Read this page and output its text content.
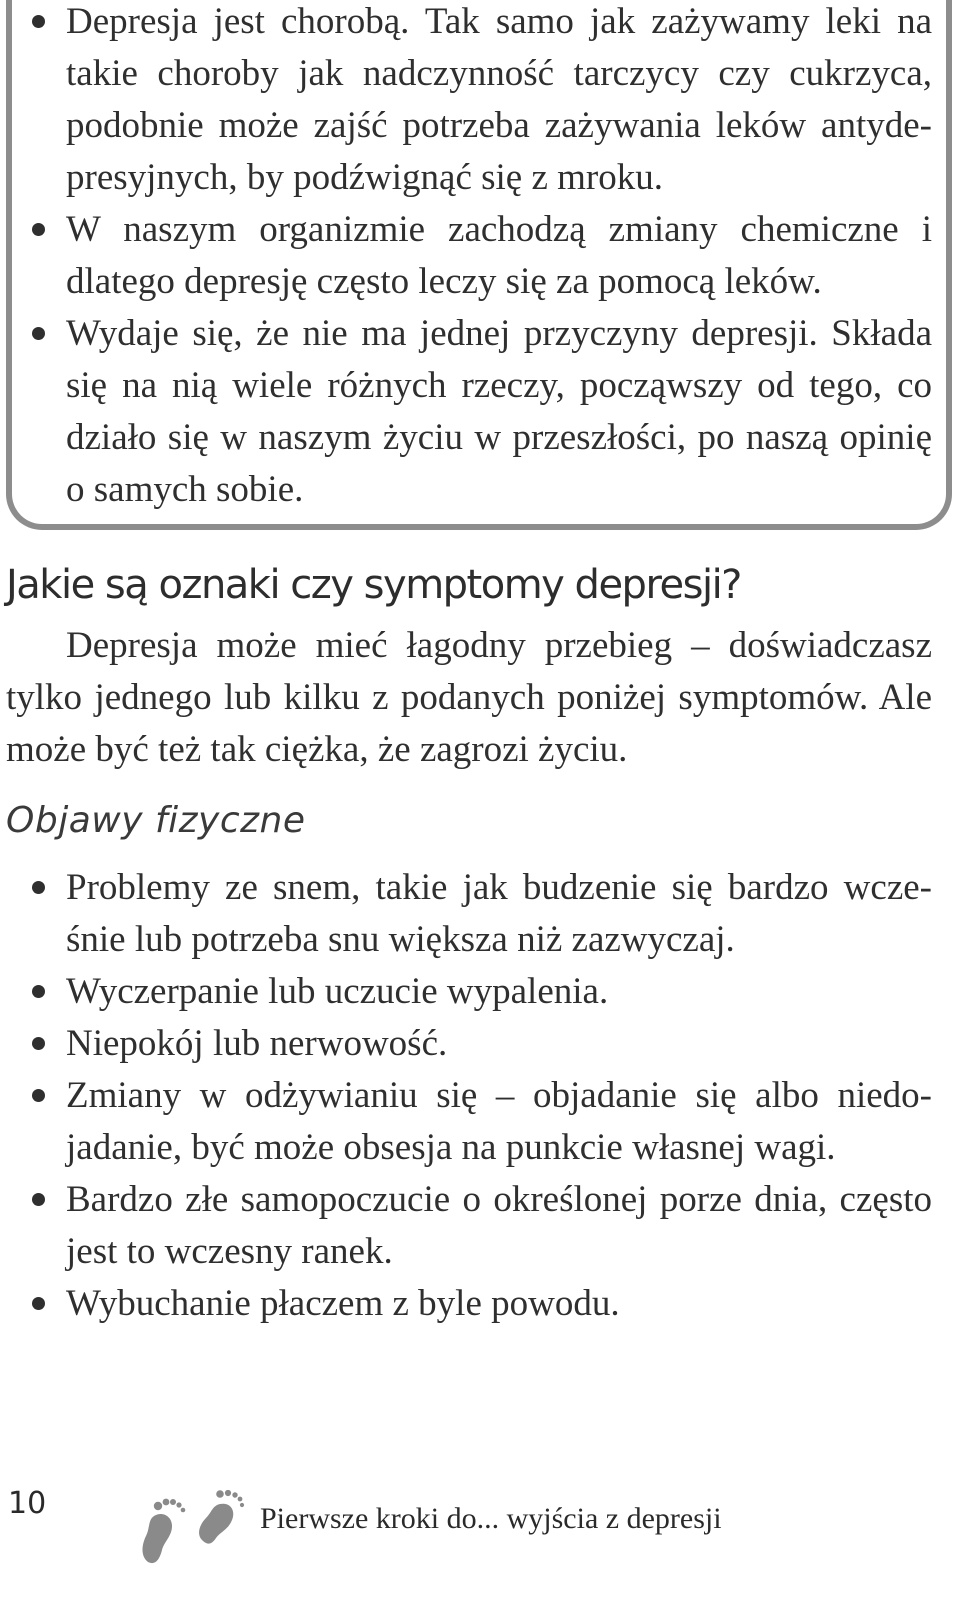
Depresja jest chorobą. Tak samo jak zażywamy leki na takie choroby jak nadczynność tarczycy czy cukrzyca, podobnie może zajść potrzeba zażywania leków antydepresyjnych, by podźwignąć się z mroku.
W naszym organizmie zachodzą zmiany chemiczne i dlatego depresję często leczy się za pomocą leków.
Wydaje się, że nie ma jednej przyczyny depresji. Składa się na nią wiele różnych rzeczy, począwszy od tego, co działo się w naszym życiu w przeszłości, po naszą opinię o samych sobie.
Jakie są oznaki czy symptomy depresji?

Depresja może mieć łagodny przebieg – doświadczasz tylko jednego lub kilku z podanych poniżej symptomów. Ale może być też tak ciężka, że zagrozi życiu.

Objawy fizyczne
Problemy ze snem, takie jak budzenie się bardzo wcześnie lub potrzeba snu większa niż zazwyczaj.
Wyczerpanie lub uczucie wypalenia.
Niepokój lub nerwowość.
Zmiany w odżywianiu się – objadanie się albo niedojadanie, być może obsesja na punkcie własnej wagi.
Bardzo złe samopoczucie o określonej porze dnia, często jest to wczesny ranek.
Wybuchanie płaczem z byle powodu.
10	Pierwsze kroki do... wyjścia z depresji
